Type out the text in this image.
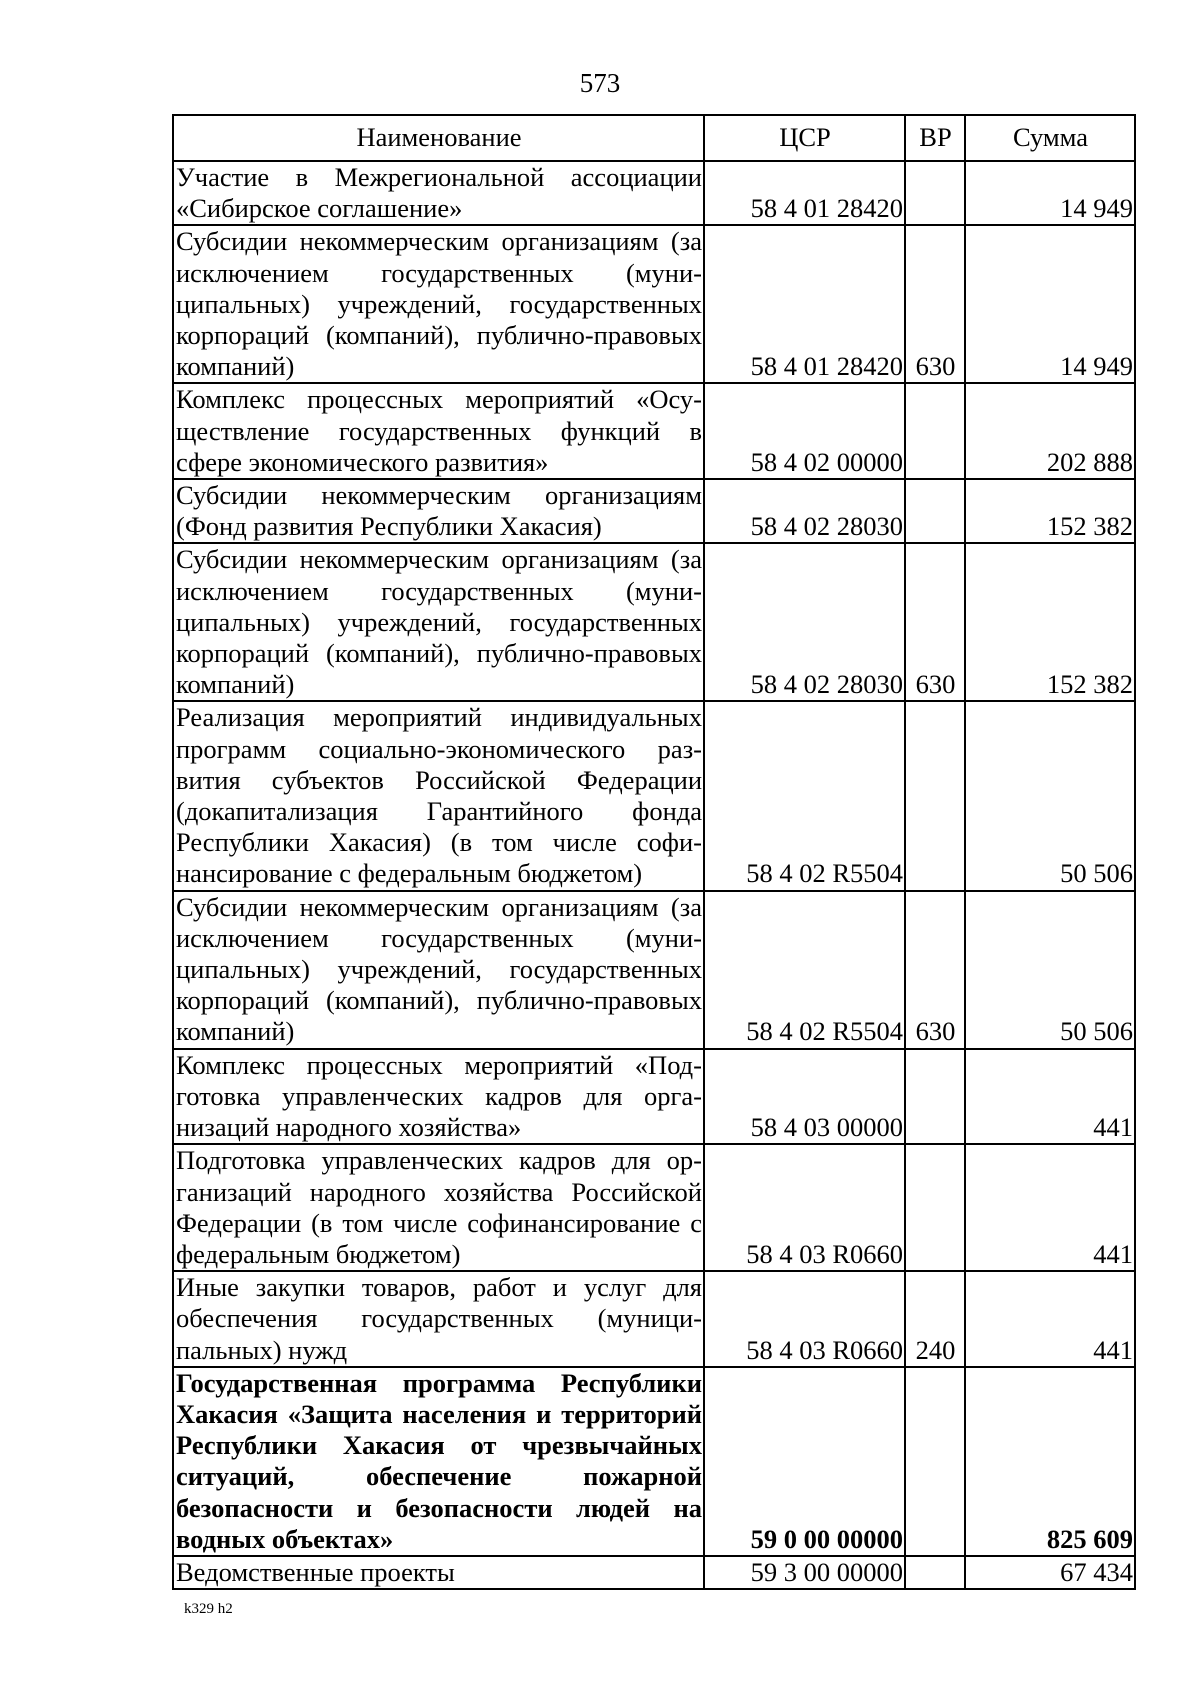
573
Наименование	ЦСР	ВР	Сумма
Участие в Межрегиональной ассоциации «Сибирское соглашение»	58 4 01 28420		14 949
Субсидии некоммерческим организациям (за исключением государственных (муниципальных) учреждений, государственных корпораций (компаний), публично-правовых компаний)	58 4 01 28420	630	14 949
Комплекс процессных мероприятий «Осуществление государственных функций в сфере экономического развития»	58 4 02 00000		202 888
Субсидии некоммерческим организациям (Фонд развития Республики Хакасия)	58 4 02 28030		152 382
Субсидии некоммерческим организациям (за исключением государственных (муниципальных) учреждений, государственных корпораций (компаний), публично-правовых компаний)	58 4 02 28030	630	152 382
Реализация мероприятий индивидуальных программ социально-экономического развития субъектов Российской Федерации (докапитализация Гарантийного фонда Республики Хакасия) (в том числе софинансирование с федеральным бюджетом)	58 4 02 R5504		50 506
Субсидии некоммерческим организациям (за исключением государственных (муниципальных) учреждений, государственных корпораций (компаний), публично-правовых компаний)	58 4 02 R5504	630	50 506
Комплекс процессных мероприятий «Подготовка управленческих кадров для организаций народного хозяйства»	58 4 03 00000		441
Подготовка управленческих кадров для организаций народного хозяйства Российской Федерации (в том числе софинансирование с федеральным бюджетом)	58 4 03 R0660		441
Иные закупки товаров, работ и услуг для обеспечения государственных (муниципальных) нужд	58 4 03 R0660	240	441
Государственная программа Республики Хакасия «Защита населения и территорий Республики Хакасия от чрезвычайных ситуаций, обеспечение пожарной безопасности и безопасности людей на водных объектах»	59 0 00 00000		825 609
Ведомственные проекты	59 3 00 00000		67 434
k329 h2
